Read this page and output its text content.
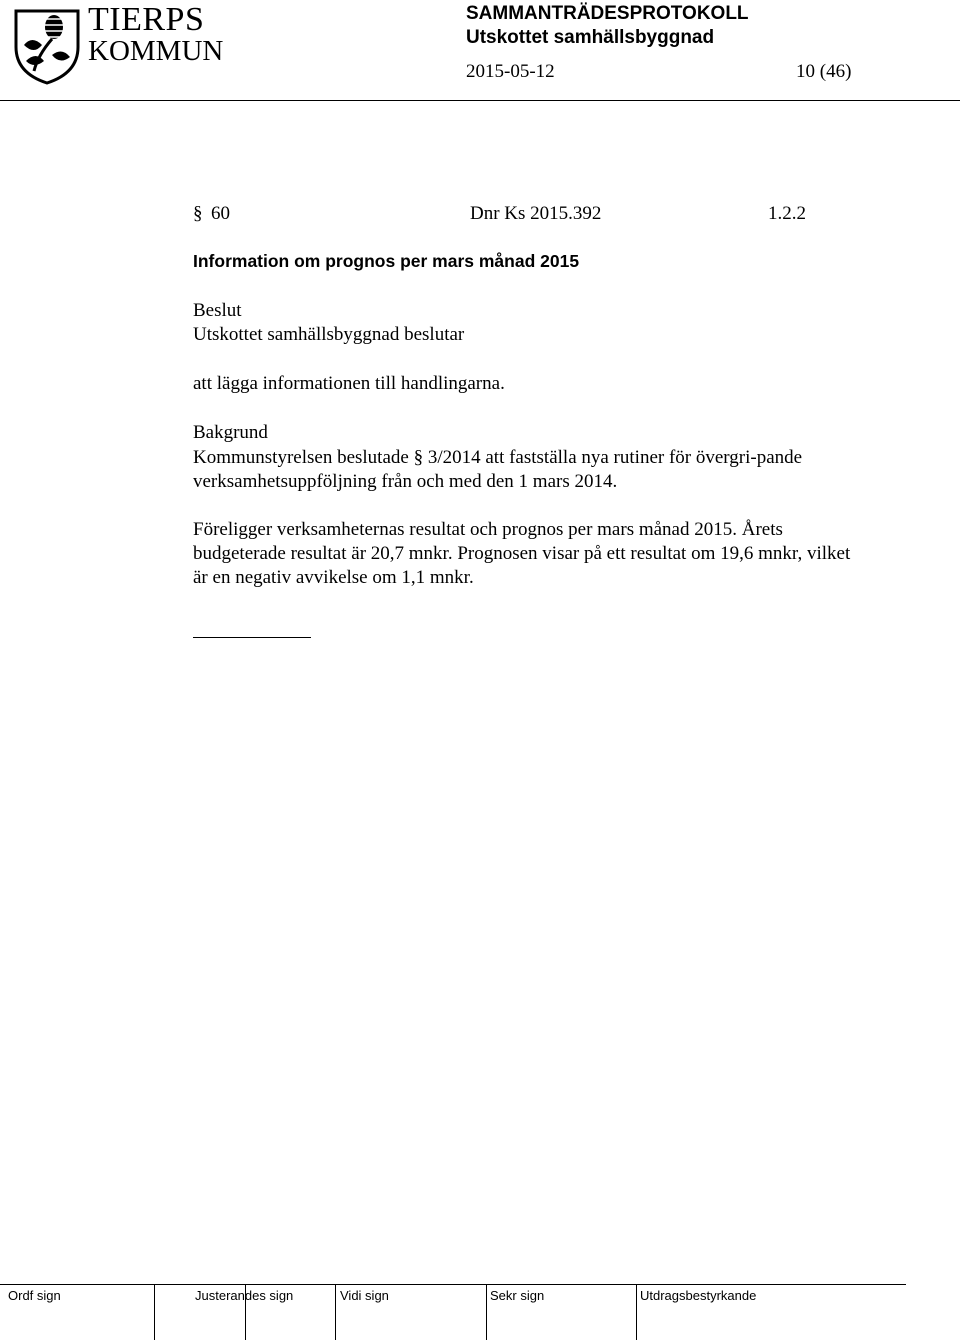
TIERPS
KOMMUN
SAMMANTRÄDESPROTOKOLL
Utskottet samhällsbyggnad
2015-05-12	10 (46)
§ 60	Dnr Ks 2015.392	1.2.2
Information om prognos per mars månad 2015
Beslut
Utskottet samhällsbyggnad beslutar
att lägga informationen till handlingarna.
Bakgrund
Kommunstyrelsen beslutade § 3/2014 att fastställa nya rutiner för övergri-pande verksamhetsuppföljning från och med den 1 mars 2014.
Föreligger verksamheternas resultat och prognos per mars månad 2015. Årets budgeterade resultat är 20,7 mnkr. Prognosen visar på ett resultat om 19,6 mnkr, vilket är en negativ avvikelse om 1,1 mnkr.
Ordf sign	Justerandes sign	Vidi sign	Sekr sign	Utdragsbestyrkande
